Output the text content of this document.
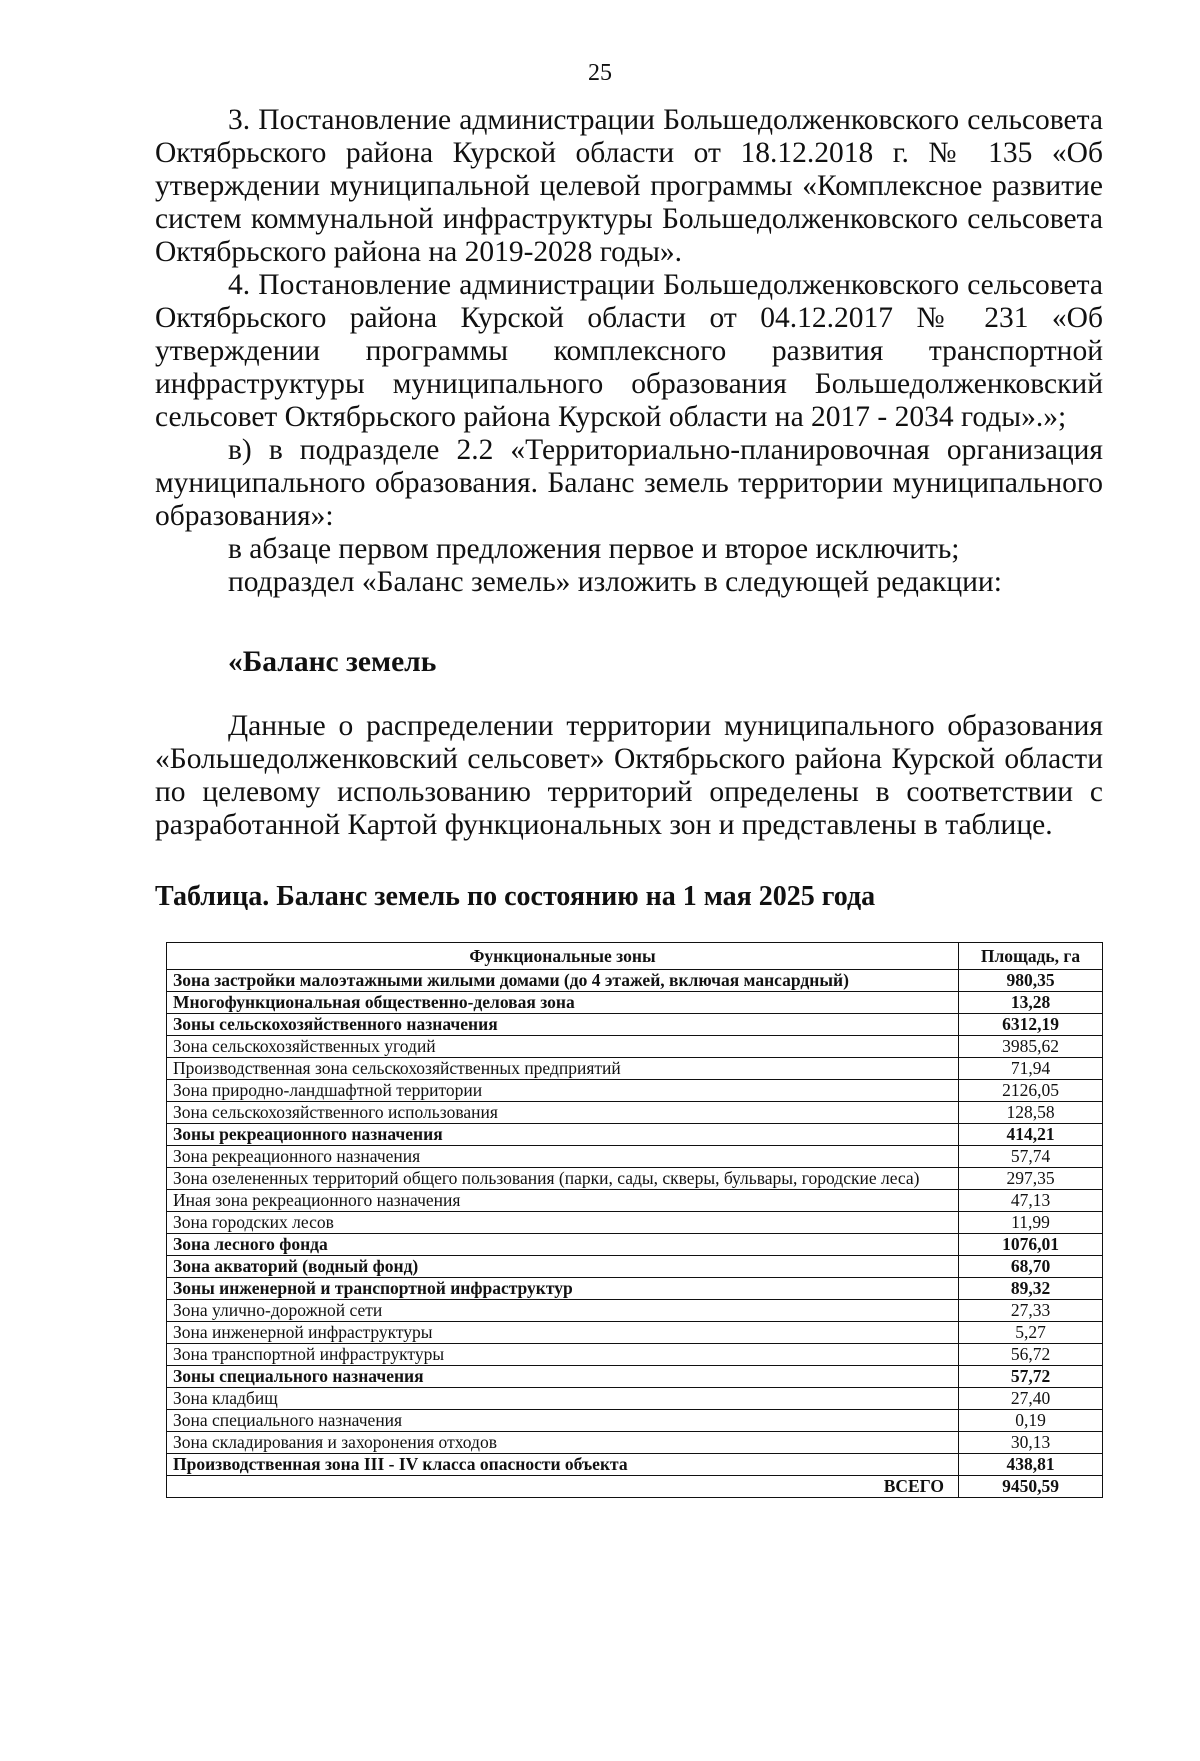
25

3. Постановление администрации Большедолженковского сельсовета Октябрьского района Курской области от 18.12.2018 г. № 135 «Об утверждении муниципальной целевой программы «Комплексное развитие систем коммунальной инфраструктуры Большедолженковского сельсовета Октябрьского района на 2019-2028 годы».

4. Постановление администрации Большедолженковского сельсовета Октябрьского района Курской области от 04.12.2017 № 231 «Об утверждении программы комплексного развития транспортной инфраструктуры муниципального образования Большедолженковский сельсовет Октябрьского района Курской области на 2017 - 2034 годы».»;

в) в подразделе 2.2 «Территориально-планировочная организация муниципального образования. Баланс земель территории муниципального образования»:

в абзаце первом предложения первое и второе исключить;

подраздел «Баланс земель» изложить в следующей редакции:

«Баланс земель

Данные о распределении территории муниципального образования «Большедолженковский сельсовет» Октябрьского района Курской области по целевому использованию территорий определены в соответствии с разработанной Картой функциональных зон и представлены в таблице.

Таблица. Баланс земель по состоянию на 1 мая 2025 года
Функциональные зоны	Площадь, га
Зона застройки малоэтажными жилыми домами (до 4 этажей, включая мансардный)	980,35
Многофункциональная общественно-деловая зона	13,28
Зоны сельскохозяйственного назначения	6312,19
Зона сельскохозяйственных угодий	3985,62
Производственная зона сельскохозяйственных предприятий	71,94
Зона природно-ландшафтной территории	2126,05
Зона сельскохозяйственного использования	128,58
Зоны рекреационного назначения	414,21
Зона рекреационного назначения	57,74
Зона озелененных территорий общего пользования (парки, сады, скверы, бульвары, городские леса)	297,35
Иная зона рекреационного назначения	47,13
Зона городских лесов	11,99
Зона лесного фонда	1076,01
Зона акваторий (водный фонд)	68,70
Зоны инженерной и транспортной инфраструктур	89,32
Зона улично-дорожной сети	27,33
Зона инженерной инфраструктуры	5,27
Зона транспортной инфраструктуры	56,72
Зоны специального назначения	57,72
Зона кладбищ	27,40
Зона специального назначения	0,19
Зона складирования и захоронения отходов	30,13
Производственная зона III - IV класса опасности объекта	438,81
ВСЕГО	9450,59
